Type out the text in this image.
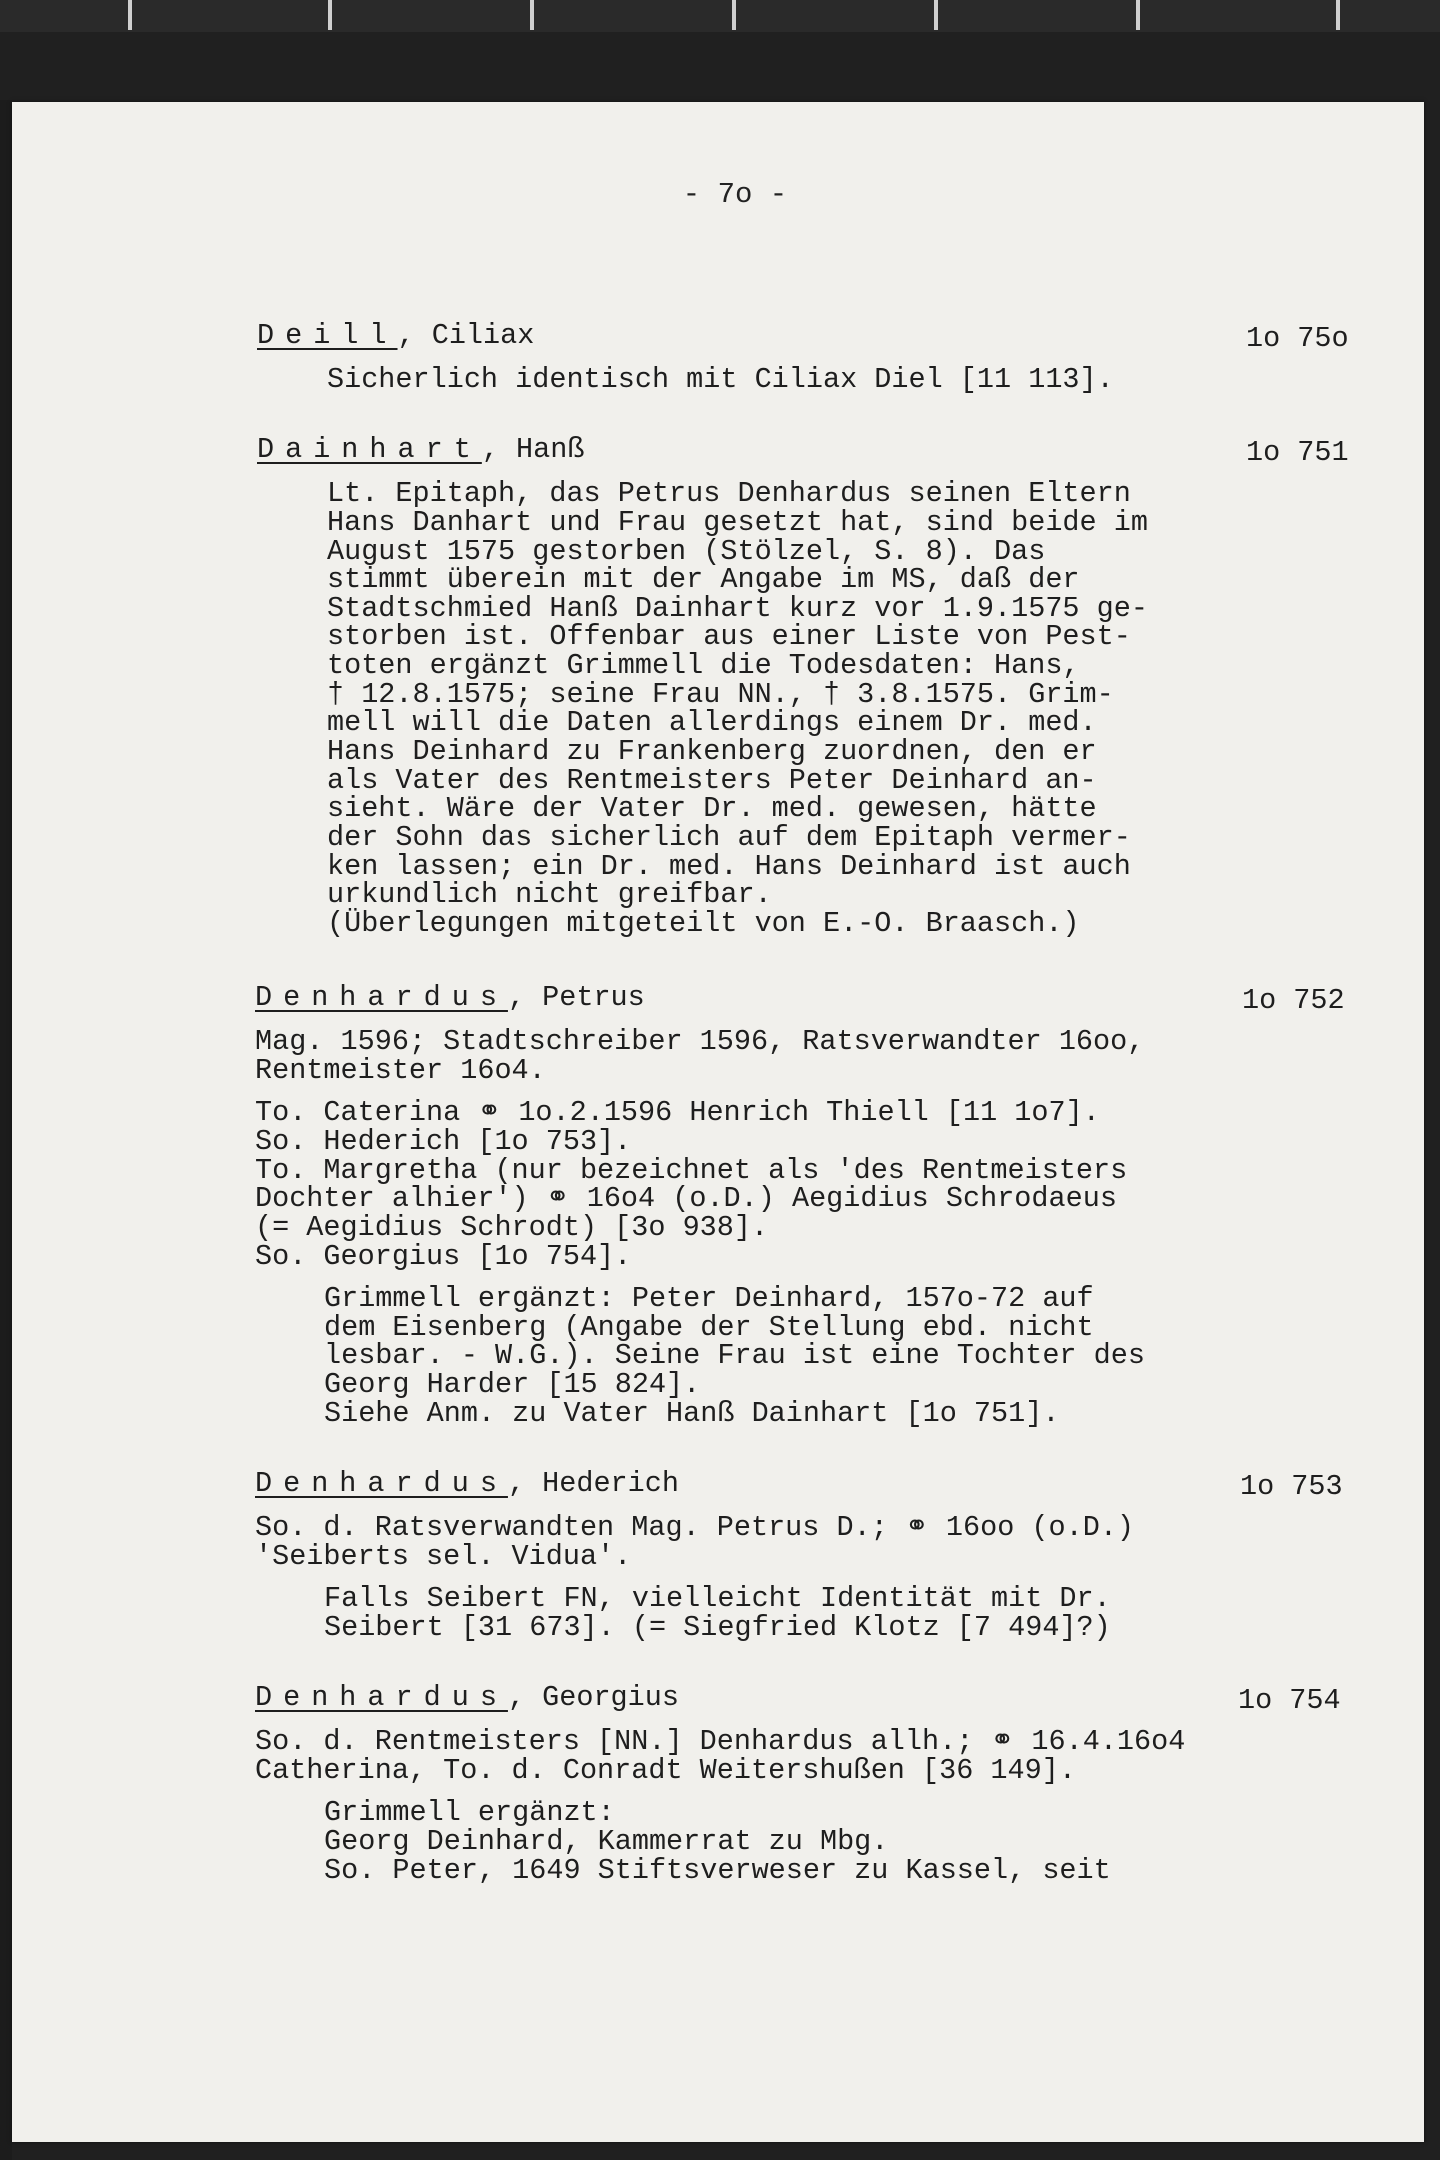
- 7o -
Deill, Ciliax	1o 75o
Sicherlich identisch mit Ciliax Diel [11 113].
Dainhart, Hanß	1o 751
Lt. Epitaph, das Petrus Denhardus seinen Eltern
Hans Danhart und Frau gesetzt hat, sind beide im
August 1575 gestorben (Stölzel, S. 8). Das
stimmt überein mit der Angabe im MS, daß der
Stadtschmied Hanß Dainhart kurz vor 1.9.1575 ge-
storben ist. Offenbar aus einer Liste von Pest-
toten ergänzt Grimmell die Todesdaten: Hans,
† 12.8.1575; seine Frau NN., † 3.8.1575. Grim-
mell will die Daten allerdings einem Dr. med.
Hans Deinhard zu Frankenberg zuordnen, den er
als Vater des Rentmeisters Peter Deinhard an-
sieht. Wäre der Vater Dr. med. gewesen, hätte
der Sohn das sicherlich auf dem Epitaph vermer-
ken lassen; ein Dr. med. Hans Deinhard ist auch
urkundlich nicht greifbar.
(Überlegungen mitgeteilt von E.-O. Braasch.)
Denhardus, Petrus	1o 752
Mag. 1596; Stadtschreiber 1596, Ratsverwandter 16oo,
Rentmeister 16o4.
To. Caterina ⚭ 1o.2.1596 Henrich Thiell [11 1o7].
So. Hederich [1o 753].
To. Margretha (nur bezeichnet als 'des Rentmeisters
Dochter alhier') ⚭ 16o4 (o.D.) Aegidius Schrodaeus
(= Aegidius Schrodt) [3o 938].
So. Georgius [1o 754].
Grimmell ergänzt: Peter Deinhard, 157o-72 auf
dem Eisenberg (Angabe der Stellung ebd. nicht
lesbar. - W.G.). Seine Frau ist eine Tochter des
Georg Harder [15 824].
Siehe Anm. zu Vater Hanß Dainhart [1o 751].
Denhardus, Hederich	1o 753
So. d. Ratsverwandten Mag. Petrus D.; ⚭ 16oo (o.D.)
'Seiberts sel. Vidua'.
Falls Seibert FN, vielleicht Identität mit Dr.
Seibert [31 673]. (= Siegfried Klotz [7 494]?)
Denhardus, Georgius	1o 754
So. d. Rentmeisters [NN.] Denhardus allh.; ⚭ 16.4.16o4
Catherina, To. d. Conradt Weitershußen [36 149].
Grimmell ergänzt:
Georg Deinhard, Kammerrat zu Mbg.
So. Peter, 1649 Stiftsverweser zu Kassel, seit
